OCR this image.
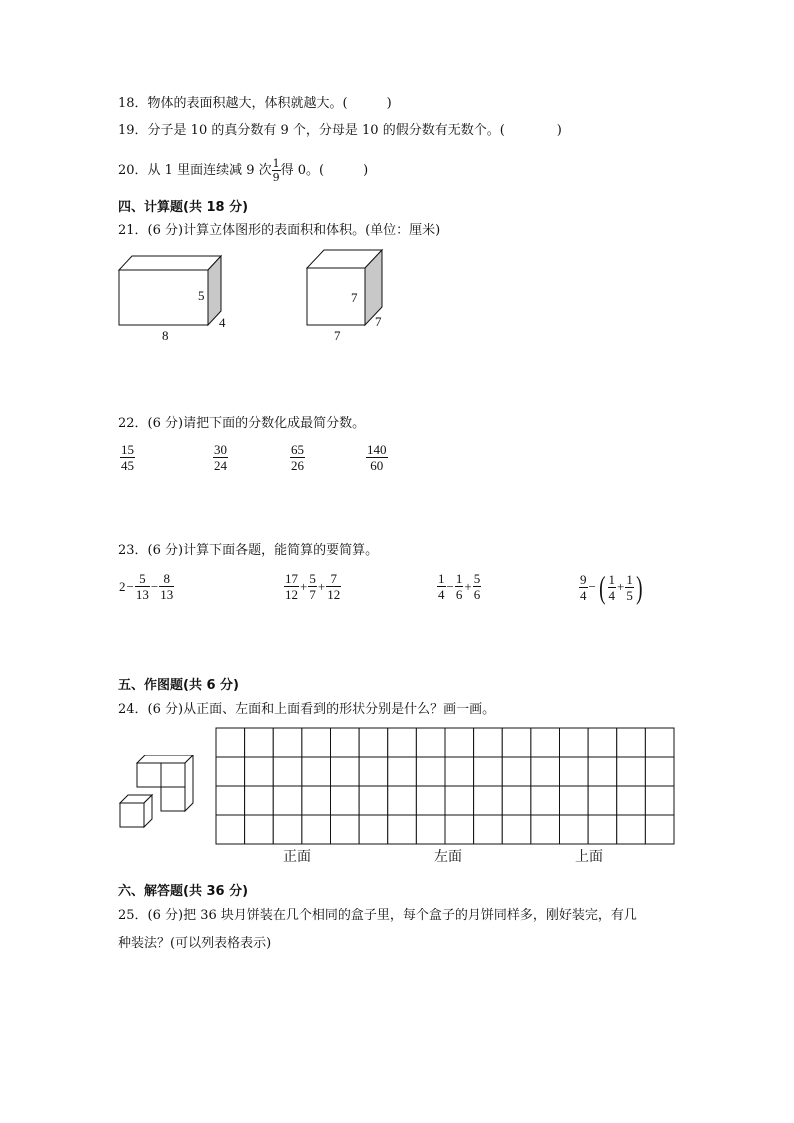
18．物体的表面积越大，体积就越大。(　　　)
19．分子是 10 的真分数有 9 个，分母是 10 的假分数有无数个。(　　　　)
20．从 1 里面连续减 9 次 $\frac{1}{9}$ 得 0。(　　　)
四、计算题(共 18 分)
21．(6 分)计算立体图形的表面积和体积。(单位：厘米)
5
4
8
7
7
7
22．(6 分)请把下面的分数化成最简分数。
$\frac{15}{45}$	$\frac{30}{24}$	$\frac{65}{26}$	$\frac{140}{60}$
23．(6 分)计算下面各题，能简算的要简算。
$2 - \frac{5}{13} - \frac{8}{13}$	$\frac{17}{12} + \frac{5}{7} + \frac{7}{12}$	$\frac{1}{4} - \frac{1}{6} + \frac{5}{6}$	$\frac{9}{4}$ − ( $\frac{1}{4} + \frac{1}{5}$ )
五、作图题(共 6 分)
24．(6 分)从正面、左面和上面看到的形状分别是什么？画一画。
正面	左面	上面
六、解答题(共 36 分)
25．(6 分)把 36 块月饼装在几个相同的盒子里，每个盒子的月饼同样多，刚好装完，有几
种装法？(可以列表格表示)
